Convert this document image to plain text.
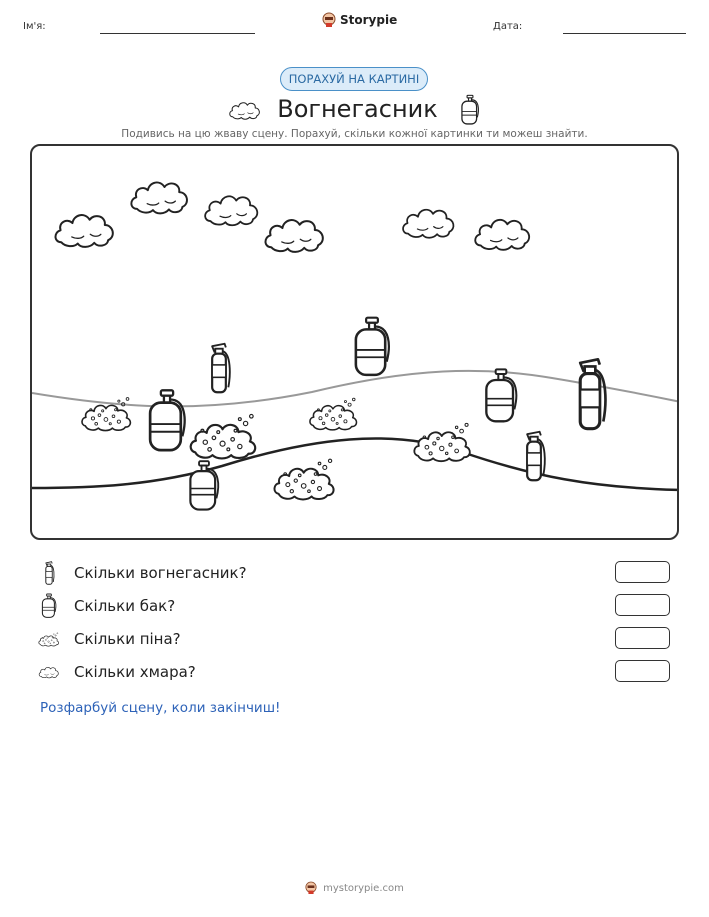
Ім'я:	Storypie	Дата:
ПОРАХУЙ НА КАРТИНІ
Вогнегасник
Подивись на цю жваву сцену. Порахуй, скільки кожної картинки ти можеш знайти.
Скільки вогнегасник?
Скільки бак?
Скільки піна?
Скільки хмара?
Розфарбуй сцену, коли закінчиш!
mystorypie.com
